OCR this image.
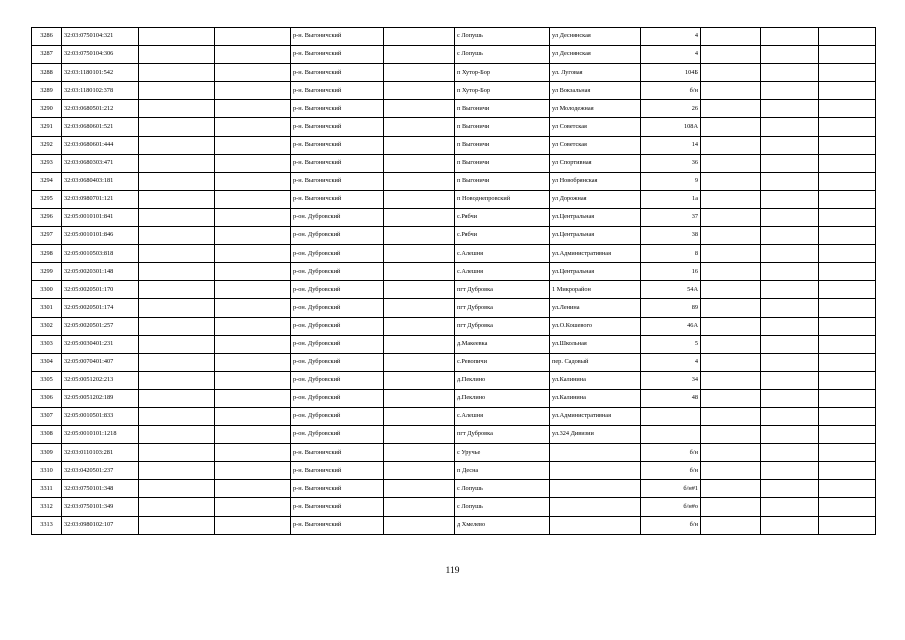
3286	32:03:0750104:321			р-н. Выгоничский		с Лопушь	ул Деснянская	4			
3287	32:03:0750104:306			р-н. Выгоничский		с Лопушь	ул Деснянская	4			
3288	32:03:1180101:542			р-н. Выгоничский		п Хутор-Бор	ул. Луговая	104Б			
3289	32:03:1180102:378			р-н. Выгоничский		п Хутор-Бор	ул Вокзальная	б/н			
3290	32:03:0680501:212			р-н. Выгоничский		п Выгоничи	ул Молодежная	26			
3291	32:03:0680601:521			р-н. Выгоничский		п Выгоничи	ул Советская	108А			
3292	32:03:0680601:444			р-н. Выгоничский		п Выгоничи	ул Советская	14			
3293	32:03:0680303:471			р-н. Выгоничский		п Выгоничи	ул Спортивная	36			
3294	32:03:0680403:181			р-н. Выгоничский		п Выгоничи	ул Новобрянская	9			
3295	32:03:0980701:121			р-н. Выгоничский		п Новоднепровский	ул Дорожная	1а			
3296	32:05:0010101:841			р-он. Дубровский		с.Рябчи	ул.Центральная	37			
3297	32:05:0010101:846			р-он. Дубровский		с.Рябчи	ул.Центральная	38			
3298	32:05:0010503:818			р-он. Дубровский		с.Алешня	ул.Административная	8			
3299	32:05:0020301:148			р-он. Дубровский		с.Алешня	ул.Центральная	16			
3300	32:05:0020501:170			р-он. Дубровский		пгт Дубровка	1 Микрорайон	54А			
3301	32:05:0020501:174			р-он. Дубровский		пгт Дубровка	ул.Ленина	89			
3302	32:05:0020501:257			р-он. Дубровский		пгт Дубровка	ул.О.Кошевого	46А			
3303	32:05:0030401:231			р-он. Дубровский		д.Макеевка	ул.Школьная	5			
3304	32:05:0070401:407			р-он. Дубровский		с.Ревопичи	пер. Садовый	4			
3305	32:05:0051202:213			р-он. Дубровский		д.Пеклино	ул.Калинина	34			
3306	32:05:0051202:189			р-он. Дубровский		д.Пеклино	ул.Калинина	48			
3307	32:05:0010501:833			р-он. Дубровский		с.Алешня	ул.Административная				
3308	32:05:0010101:1218			р-он. Дубровский		пгт Дубровка	ул.324 Дивизии				
3309	32:03:0110103:281			р-н. Выгоничский		с Уручье		б/н			
3310	32:03:0420501:237			р-н. Выгоничский		п Десна		б/н			
3311	32:03:0750101:348			р-н. Выгоничский		с Лопушь		б/н#1			
3312	32:03:0750101:349			р-н. Выгоничский		с Лопушь		б/н#о			
3313	32:03:0980102:107			р-н. Выгоничский		д Хмелево		б/н			
119
